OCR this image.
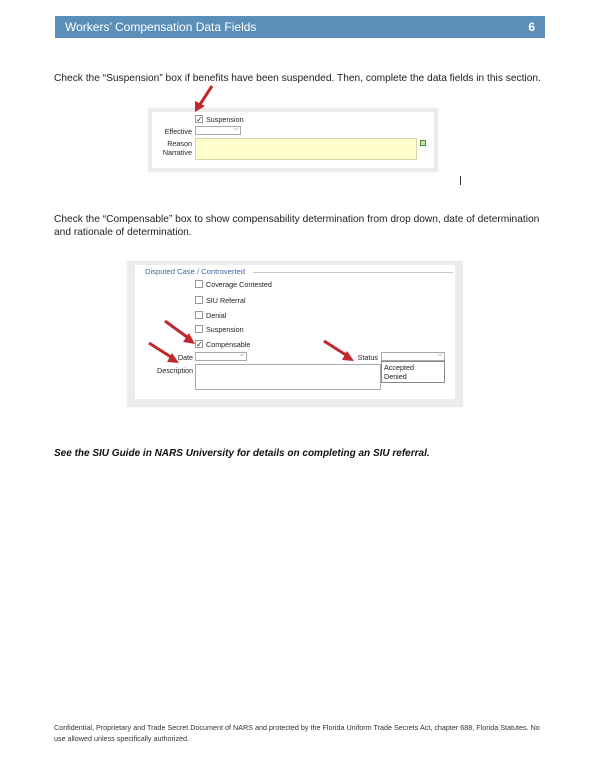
Workers’ Compensation Data Fields	6
Check the “Suspension” box if benefits have been suspended. Then, complete the data fields in this section.
✓ Suspension
Effective	⌵
Reason
Narrative
Check the “Compensable” box to show compensability determination from drop down, date of determination and rationale of determination.
Disputed Case / Controverted
Coverage Contested
SIU Referral
Denial
Suspension
✓ Compensable
Date	⌵	Status	⌵
Accepted
Denied
Description
See the SIU Guide in NARS University for details on completing an SIU referral.
Confidential, Proprietary and Trade Secret Document of NARS and protected by the Florida Uniform Trade Secrets Act, chapter 688, Florida Statutes. No use allowed unless specifically authorized.
